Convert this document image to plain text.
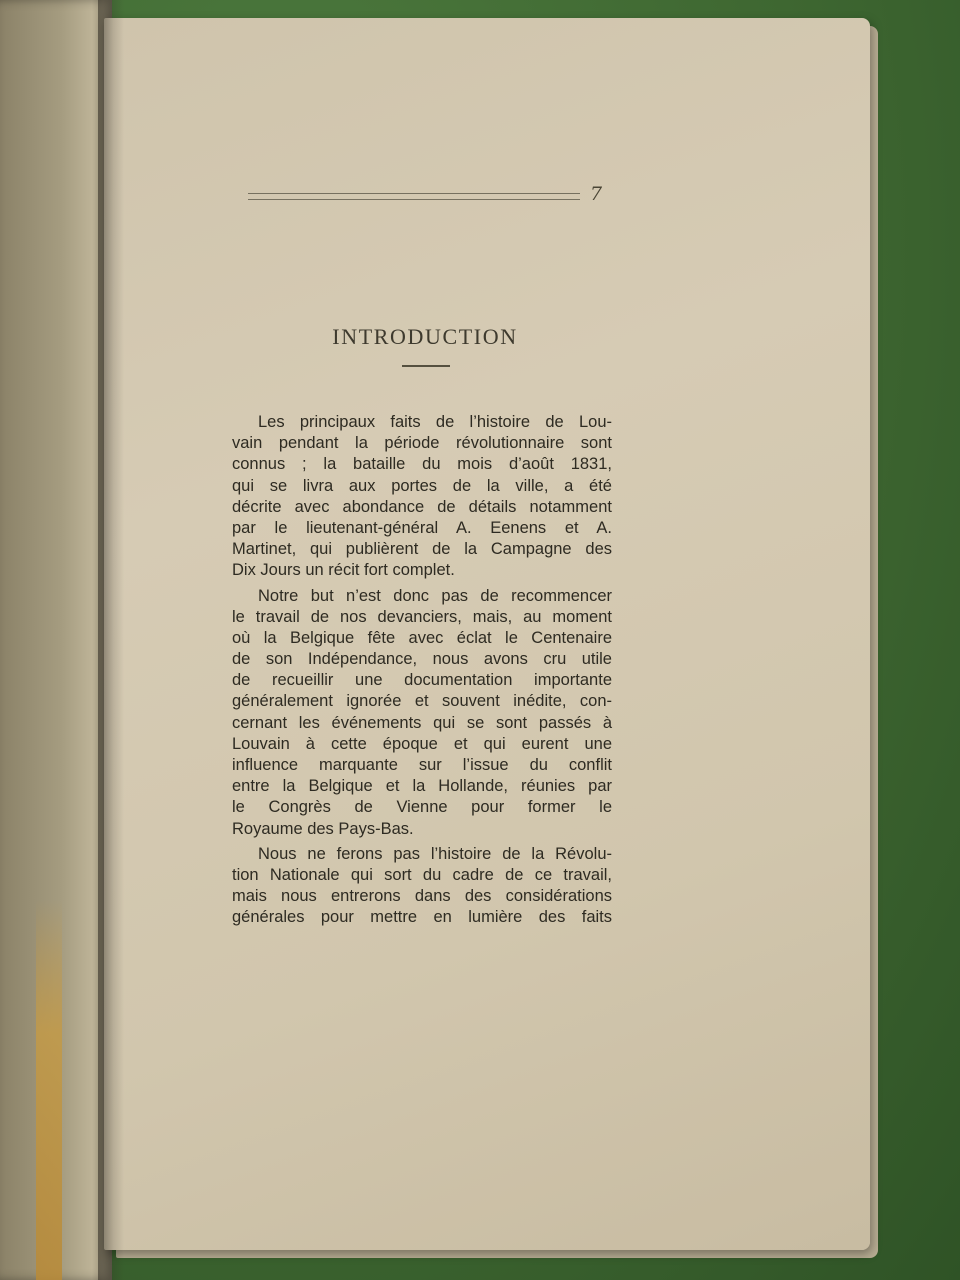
7
INTRODUCTION
Les principaux faits de l’histoire de Lou-
vain pendant la période révolutionnaire sont
connus ; la bataille du mois d’août 1831,
qui se livra aux portes de la ville, a été
décrite avec abondance de détails notamment
par le lieutenant-général A. Eenens et A.
Martinet, qui publièrent de la Campagne des
Dix Jours un récit fort complet.
Notre but n’est donc pas de recommencer
le travail de nos devanciers, mais, au moment
où la Belgique fête avec éclat le Centenaire
de son Indépendance, nous avons cru utile
de recueillir une documentation importante
généralement ignorée et souvent inédite, con-
cernant les événements qui se sont passés à
Louvain à cette époque et qui eurent une
influence marquante sur l’issue du conflit
entre la Belgique et la Hollande, réunies par
le Congrès de Vienne pour former le
Royaume des Pays-Bas.
Nous ne ferons pas l’histoire de la Révolu-
tion Nationale qui sort du cadre de ce travail,
mais nous entrerons dans des considérations
générales pour mettre en lumière des faits
